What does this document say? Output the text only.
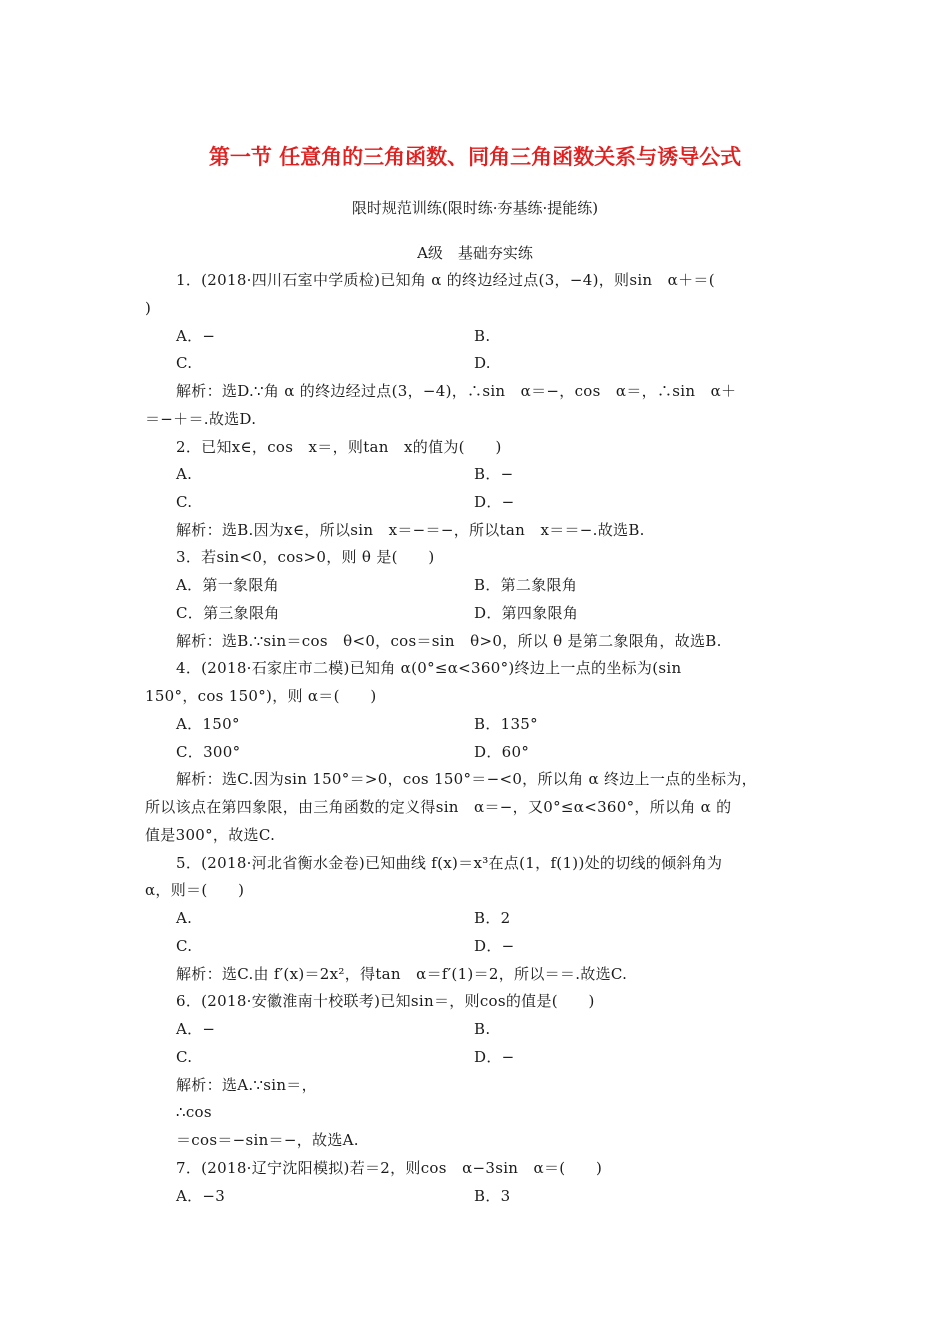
第一节 任意角的三角函数、同角三角函数关系与诱导公式
限时规范训练(限时练·夯基练·提能练)
A级　基础夯实练
1．(2018·四川石室中学质检)已知角 α 的终边经过点(3，−4)，则sin　α＋＝(
)
A．−	B.
C.	D.
解析：选D.∵角 α 的终边经过点(3，−4)，∴sin　α＝−，cos　α＝，∴sin　α＋
＝−＋＝.故选D.
2．已知x∈，cos　x＝，则tan　x的值为(　　)
A.	B．−
C.	D．−
解析：选B.因为x∈，所以sin　x＝−＝−，所以tan　x＝＝−.故选B.
3．若sin<0，cos>0，则 θ 是(　　)
A．第一象限角	B．第二象限角
C．第三象限角	D．第四象限角
解析：选B.∵sin＝cos　θ<0，cos＝sin　θ>0，所以 θ 是第二象限角，故选B.
4．(2018·石家庄市二模)已知角 α(0°≤α<360°)终边上一点的坐标为(sin
150°，cos 150°)，则 α＝(　　)
A．150°	B．135°
C．300°	D．60°
解析：选C.因为sin 150°＝>0，cos 150°＝−<0，所以角 α 终边上一点的坐标为，
所以该点在第四象限，由三角函数的定义得sin　α＝−，又0°≤α<360°，所以角 α 的
值是300°，故选C.
5．(2018·河北省衡水金卷)已知曲线 f(x)＝x³在点(1，f(1))处的切线的倾斜角为
α，则＝(　　)
A.	B．2
C.	D．−
解析：选C.由 f′(x)＝2x²，得tan　α＝f′(1)＝2，所以＝＝.故选C.
6．(2018·安徽淮南十校联考)已知sin＝，则cos的值是(　　)
A．−	B.
C.	D．−
解析：选A.∵sin＝，
∴cos
＝cos＝−sin＝−，故选A.
7．(2018·辽宁沈阳模拟)若＝2，则cos　α−3sin　α＝(　　)
A．−3	B．3
